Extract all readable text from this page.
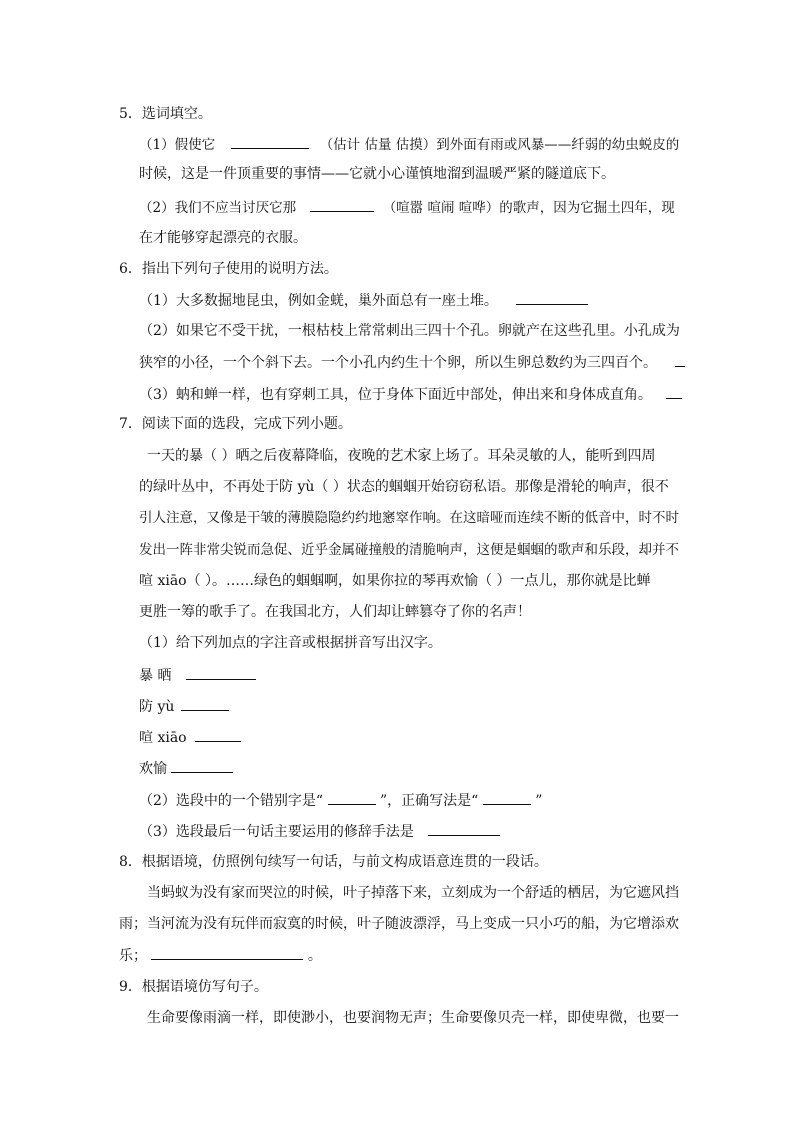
5．选词填空。
（1）假使它	（估计 估量 估摸）到外面有雨或风暴——纤弱的幼虫蜕皮的
时候，这是一件顶重要的事情——它就小心谨慎地溜到温暖严紧的隧道底下。
（2）我们不应当讨厌它那	（喧嚣 喧闹 喧哗）的歌声，因为它掘土四年，现
在才能够穿起漂亮的衣服。
6．指出下列句子使用的说明方法。
（1）大多数掘地昆虫，例如金蜣，巢外面总有一座土堆。
（2）如果它不受干扰，一根枯枝上常常刺出三四十个孔。卵就产在这些孔里。小孔成为
狭窄的小径，一个个斜下去。一个小孔内约生十个卵，所以生卵总数约为三四百个。
（3）蚋和蝉一样，也有穿刺工具，位于身体下面近中部处，伸出来和身体成直角。
7．阅读下面的选段，完成下列小题。
一天的暴（ ）晒之后夜幕降临，夜晚的艺术家上场了。耳朵灵敏的人，能听到四周
的绿叶丛中，不再处于防 yù（ ）状态的蝈蝈开始窃窃私语。那像是滑轮的响声，很不
引人注意，又像是干皱的薄膜隐隐约约地窸窣作响。在这暗哑而连续不断的低音中，时不时
发出一阵非常尖锐而急促、近乎金属碰撞般的清脆响声，这便是蝈蝈的歌声和乐段，却并不
喧 xiāo（ ）。……绿色的蝈蝈啊，如果你拉的琴再欢愉（ ）一点儿，那你就是比蝉
更胜一筹的歌手了。在我国北方，人们却让蟀篡夺了你的名声！
（1）给下列加点的字注音或根据拼音写出汉字。
暴 晒
防 yù
喧 xiāo
欢愉
（2）选段中的一个错别字是“	”，正确写法是“	”
（3）选段最后一句话主要运用的修辞手法是
8．根据语境，仿照例句续写一句话，与前文构成语意连贯的一段话。
当蚂蚁为没有家而哭泣的时候，叶子掉落下来，立刻成为一个舒适的栖居，为它遮风挡
雨；当河流为没有玩伴而寂寞的时候，叶子随波漂浮，马上变成一只小巧的船，为它增添欢
乐；	。
9．根据语境仿写句子。
生命要像雨滴一样，即使渺小，也要润物无声；生命要像贝壳一样，即使卑微，也要一
